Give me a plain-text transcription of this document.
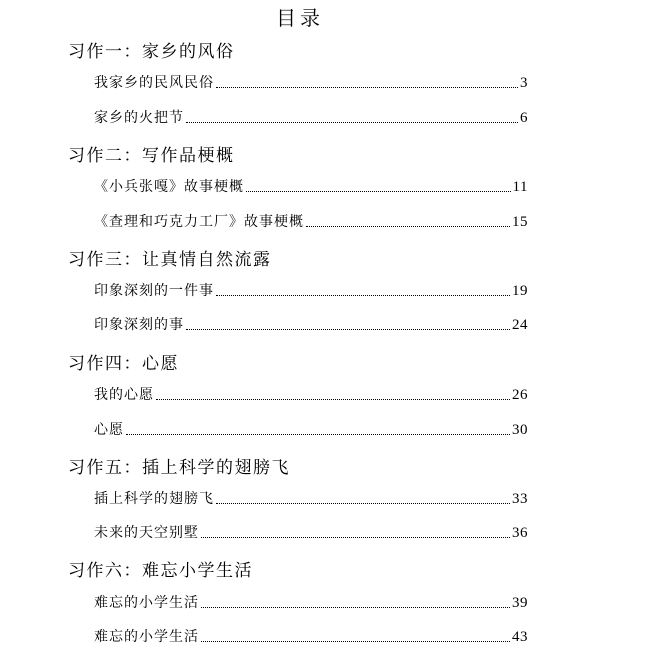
目录
习作一：家乡的风俗
我家乡的民风民俗	3
家乡的火把节	6
习作二：写作品梗概
《小兵张嘎》故事梗概	11
《查理和巧克力工厂》故事梗概	15
习作三：让真情自然流露
印象深刻的一件事	19
印象深刻的事	24
习作四：心愿
我的心愿	26
心愿	30
习作五：插上科学的翅膀飞
插上科学的翅膀飞	33
未来的天空别墅	36
习作六：难忘小学生活
难忘的小学生活	39
难忘的小学生活	43
